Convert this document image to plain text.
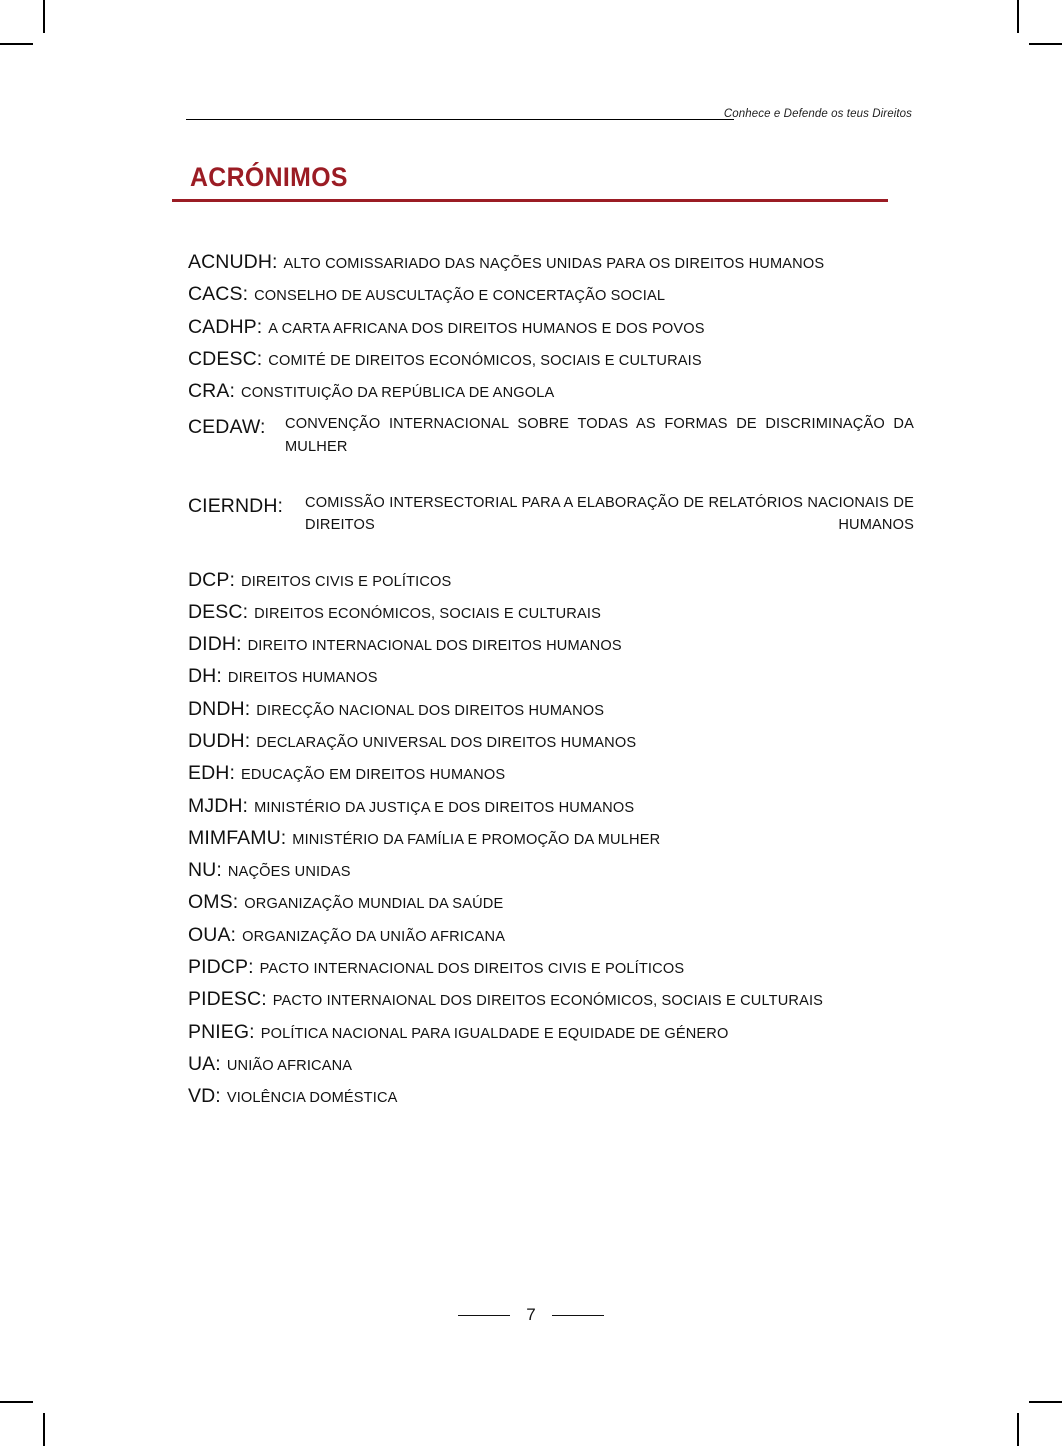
Conhece e Defende os teus Direitos
ACRÓNIMOS
ACNUDH: ALTO COMISSARIADO DAS NAÇÕES UNIDAS PARA OS DIREITOS HUMANOS
CACS: CONSELHO DE AUSCULTAÇÃO E CONCERTAÇÃO SOCIAL
CADHP: A CARTA AFRICANA DOS DIREITOS HUMANOS E DOS POVOS
CDESC: COMITÉ DE DIREITOS ECONÓMICOS, SOCIAIS E CULTURAIS
CRA: CONSTITUIÇÃO DA REPÚBLICA DE ANGOLA
CEDAW: CONVENÇÃO INTERNACIONAL SOBRE TODAS AS FORMAS DE DISCRIMINAÇÃO DA MULHER
CIERNDH: COMISSÃO INTERSECTORIAL PARA A ELABORAÇÃO DE RELATÓRIOS NACIONAIS DE DIREITOS HUMANOS
DCP: DIREITOS CIVIS E POLÍTICOS
DESC: DIREITOS ECONÓMICOS, SOCIAIS E CULTURAIS
DIDH: DIREITO INTERNACIONAL DOS DIREITOS HUMANOS
DH: DIREITOS HUMANOS
DNDH: DIRECÇÃO NACIONAL DOS DIREITOS HUMANOS
DUDH: DECLARAÇÃO UNIVERSAL DOS DIREITOS HUMANOS
EDH: EDUCAÇÃO EM DIREITOS HUMANOS
MJDH: MINISTÉRIO DA JUSTIÇA E DOS DIREITOS HUMANOS
MIMFAMU: MINISTÉRIO DA FAMÍLIA E PROMOÇÃO DA MULHER
NU: NAÇÕES UNIDAS
OMS: ORGANIZAÇÃO MUNDIAL DA SAÚDE
OUA: ORGANIZAÇÃO DA UNIÃO AFRICANA
PIDCP: PACTO INTERNACIONAL DOS DIREITOS CIVIS E POLÍTICOS
PIDESC: PACTO INTERNAIONAL DOS DIREITOS ECONÓMICOS, SOCIAIS E CULTURAIS
PNIEG: POLÍTICA NACIONAL PARA IGUALDADE E EQUIDADE DE GÉNERO
UA: UNIÃO AFRICANA
VD: VIOLÊNCIA DOMÉSTICA
7
